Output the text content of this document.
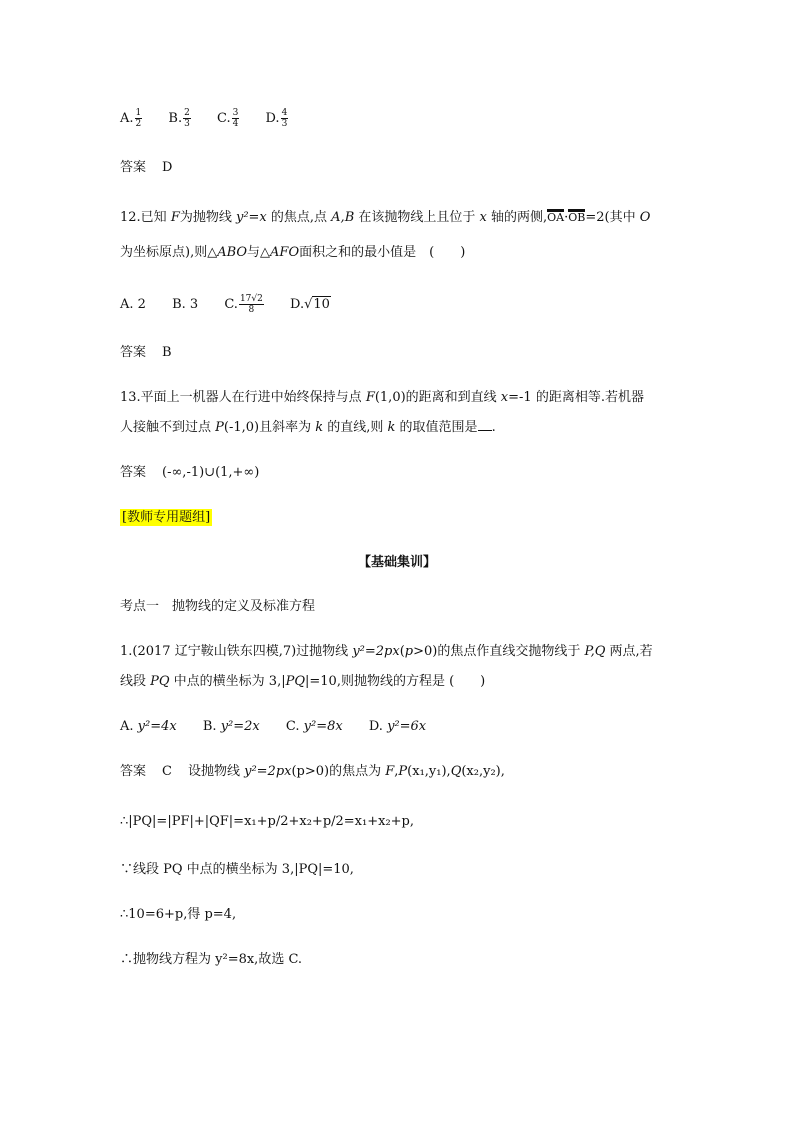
A. $\frac{1}{2} B$. $\frac{2}{3} C$. $\frac{3}{4} D$. $\frac{4}{3}$
答案 D
12.已知 F为抛物线 y²=x 的焦点,点 A,B 在该抛物线上且位于 x 轴的两侧,OA·OB=2(其中 O
为坐标原点),则△ABO与△AFO面积之和的最小值是　(　　)
A. 2 B. 3 C. $\frac{17√2}{8} D.√10$
答案 B
13.平面上一机器人在行进中始终保持与点 F(1,0)的距离和到直线 x=-1 的距离相等.若机器
人接触不到过点 P(-1,0)且斜率为 k 的直线,则 k 的取值范围是 .
答案 (-∞,-1)∪(1,+∞)
[教师专用题组]
【基础集训】
考点一　抛物线的定义及标准方程
1.(2017 辽宁鞍山铁东四模,7)过抛物线 y²=2px(p>0)的焦点作直线交抛物线于 P,Q 两点,若
线段 PQ 中点的横坐标为 3,|PQ|=10,则抛物线的方程是 (　　)
A. y²=4x B. y²=2x C. y²=8x D. y²=6x
答案 C 设抛物线 y²=2px(p>0)的焦点为 F,P(x₁,y₁),Q(x₂,y₂),
∴|PQ|=|PF|+|QF|=x₁+p/2+x₂+p/2=x₁+x₂+p,
∵线段 PQ 中点的横坐标为 3,|PQ|=10,
∴10=6+p,得 p=4,
∴抛物线方程为 y²=8x,故选 C.
